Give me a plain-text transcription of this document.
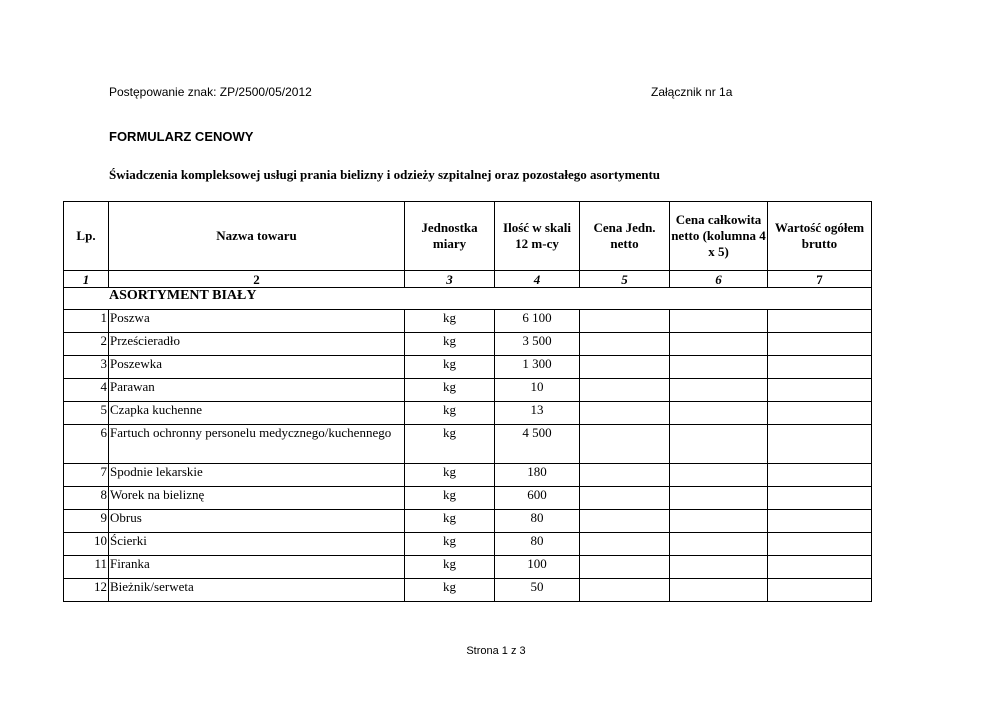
Postępowanie znak: ZP/2500/05/2012	Załącznik nr 1a
FORMULARZ CENOWY
Świadczenia kompleksowej usługi prania bielizny i odzieży szpitalnej oraz pozostałego asortymentu
Lp.	Nazwa towaru	Jednostka miary	Ilość w skali 12 m-cy	Cena Jedn. netto	Cena całkowita netto (kolumna 4 x 5)	Wartość ogółem brutto
1	2	3	4	5	6	7
ASORTYMENT BIAŁY						
1	Poszwa	kg	6 100			
2	Prześcieradło	kg	3 500			
3	Poszewka	kg	1 300			
4	Parawan	kg	10			
5	Czapka kuchenne	kg	13			
6	Fartuch ochronny personelu medycznego/kuchennego	kg	4 500			
7	Spodnie lekarskie	kg	180			
8	Worek na bieliznę	kg	600			
9	Obrus	kg	80			
10	Ścierki	kg	80			
11	Firanka	kg	100			
12	Bieżnik/serweta	kg	50			
Strona 1 z 3
